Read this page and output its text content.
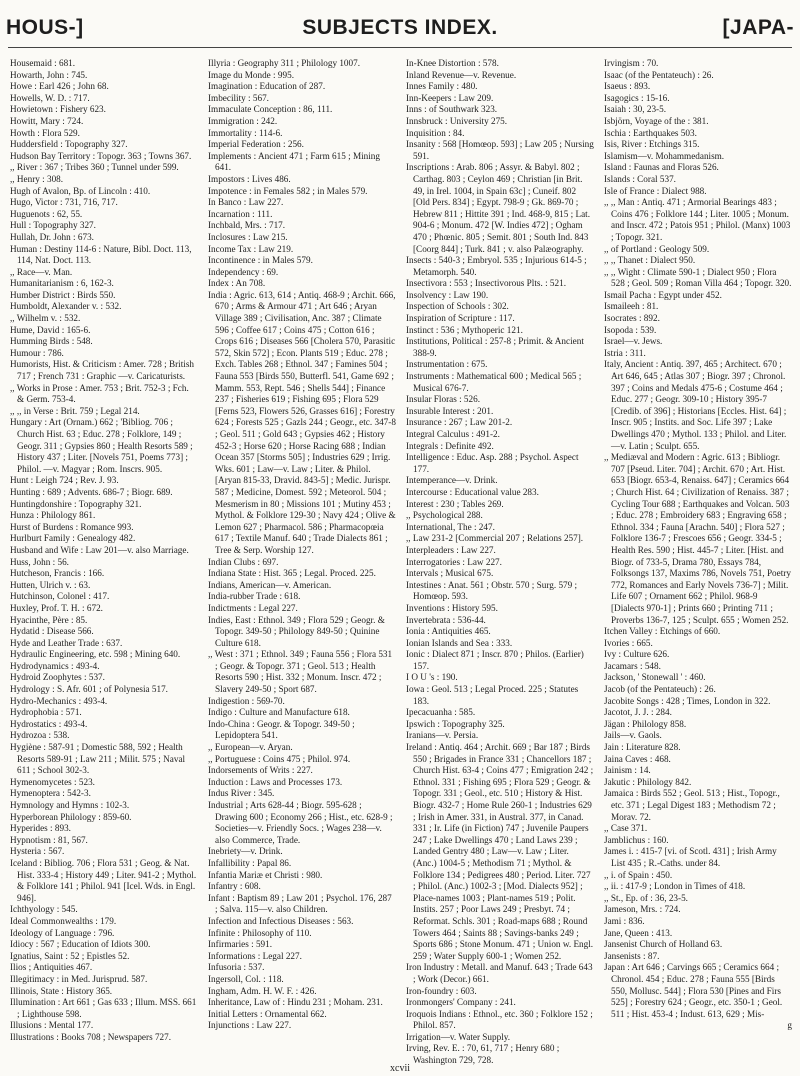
HOUS-]	SUBJECTS INDEX.	[JAPA-

Housemaid : 681.

Howarth, John : 745.

Howe : Earl 426 ; John 68.

Howells, W. D. : 717.

Howietown : Fishery 623.

Howitt, Mary : 724.

Howth : Flora 529.

Huddersfield : Topography 327.

Hudson Bay Territory : Topogr. 363 ; Towns 367.

,, River : 367 ; Tribes 360 ; Tunnel under 599.

,, Henry : 308.

Hugh of Avalon, Bp. of Lincoln : 410.

Hugo, Victor : 731, 716, 717.

Huguenots : 62, 55.

Hull : Topography 327.

Hullah, Dr. John : 673.

Human : Destiny 114-6 : Nature, Bibl. Doct. 113, 114, Nat. Doct. 113.

,, Race—v. Man.

Humanitarianism : 6, 162-3.

Humber District : Birds 550.

Humboldt, Alexander v. : 532.

,, Wilhelm v. : 532.

Hume, David : 165-6.

Humming Birds : 548.

Humour : 786.

Humorists, Hist. & Criticism : Amer. 728 ; British 717 ; French 731 : Graphic —v. Caricaturists.

,, Works in Prose : Amer. 753 ; Brit. 752-3 ; Fch. & Germ. 753-4.

,, ,, in Verse : Brit. 759 ; Legal 214.

Hungary : Art (Ornam.) 662 ; 'Bibliog. 706 ; Church Hist. 63 ; Educ. 278 ; Folklore, 149 ; Geogr. 311 ; Gypsies 860 ; Health Resorts 589 ; History 437 ; Liter. [Novels 751, Poems 773] ; Philol. —v. Magyar ; Rom. Inscrs. 905.

Hunt : Leigh 724 ; Rev. J. 93.

Hunting : 689 ; Advents. 686-7 ; Biogr. 689.

Huntingdonshire : Topography 321.

Hunza : Philology 861.

Hurst of Burdens : Romance 993.

Hurlburt Family : Genealogy 482.

Husband and Wife : Law 201—v. also Marriage.

Huss, John : 56.

Hutcheson, Francis : 166.

Hutten, Ulrich v. : 63.

Hutchinson, Colonel : 417.

Huxley, Prof. T. H. : 672.

Hyacinthe, Père : 85.

Hydatid : Disease 566.

Hyde and Leather Trade : 637.

Hydraulic Engineering, etc. 598 ; Mining 640.

Hydrodynamics : 493-4.

Hydroid Zoophytes : 537.

Hydrology : S. Afr. 601 ; of Polynesia 517.

Hydro-Mechanics : 493-4.

Hydrophobia : 571.

Hydrostatics : 493-4.

Hydrozoa : 538.

Hygiène : 587-91 ; Domestic 588, 592 ; Health Resorts 589-91 ; Law 211 ; Milit. 575 ; Naval 611 ; School 302-3.

Hymenomycetes : 523.

Hymenoptera : 542-3.

Hymnology and Hymns : 102-3.

Hyperborean Philology : 859-60.

Hyperides : 893.

Hypnotism : 81, 567.

Hysteria : 567.

Iceland : Bibliog. 706 ; Flora 531 ; Geog. & Nat. Hist. 333-4 ; History 449 ; Liter. 941-2 ; Mythol. & Folklore 141 ; Philol. 941 [Icel. Wds. in Engl. 946].

Ichthyology : 545.

Ideal Commonwealths : 179.

Ideology of Language : 796.

Idiocy : 567 ; Education of Idiots 300.

Ignatius, Saint : 52 ; Epistles 52.

Ilios ; Antiquities 467.

Illegitimacy : in Med. Jurisprud. 587.

Illinois, State : History 365.

Illumination : Art 661 ; Gas 633 ; Illum. MSS. 661 ; Lighthouse 598.

Illusions : Mental 177.

Illustrations : Books 708 ; Newspapers 727.

Illyria : Geography 311 ; Philology 1007.

Image du Monde : 995.

Imagination : Education of 287.

Imbecility : 567.

Immaculate Conception : 86, 111.

Immigration : 242.

Immortality : 114-6.

Imperial Federation : 256.

Implements : Ancient 471 ; Farm 615 ; Mining 641.

Impostors : Lives 486.

Impotence : in Females 582 ; in Males 579.

In Banco : Law 227.

Incarnation : 111.

Inchbald, Mrs. : 717.

Inclosures : Law 215.

Income Tax : Law 219.

Incontinence : in Males 579.

Independency : 69.

Index : An 708.

India : Agric. 613, 614 ; Antiq. 468-9 ; Archit. 666, 670 ; Arms & Armour 471 ; Art 646 ; Aryan Village 389 ; Civilisation, Anc. 387 ; Climate 596 ; Coffee 617 ; Coins 475 ; Cotton 616 ; Crops 616 ; Diseases 566 [Cholera 570, Parasitic 572, Skin 572] ; Econ. Plants 519 ; Educ. 278 ; Exch. Tables 268 ; Ethnol. 347 ; Famines 504 ; Fauna 553 [Birds 550, Butterfl. 541, Game 692 ; Mamm. 553, Rept. 546 ; Shells 544] ; Finance 237 ; Fisheries 619 ; Fishing 695 ; Flora 529 [Ferns 523, Flowers 526, Grasses 616] ; Forestry 624 ; Forests 525 ; Gazls 244 ; Geogr., etc. 347-8 ; Geol. 511 ; Gold 643 ; Gypsies 462 ; History 452-3 ; Horse 620 ; Horse Racing 688 ; Indian Ocean 357 [Storms 505] ; Industries 629 ; Irrig. Wks. 601 ; Law—v. Law ; Liter. & Philol. [Aryan 815-33, Dravid. 843-5] ; Medic. Jurispr. 587 ; Medicine, Domest. 592 ; Meteorol. 504 ; Mesmerism in 80 ; Missions 101 ; Mutiny 453 ; Mythol. & Folklore 129-30 ; Navy 424 ; Olive & Lemon 627 ; Pharmacol. 586 ; Pharmacopœia 617 ; Textile Manuf. 640 ; Trade Dialects 861 ; Tree & Serp. Worship 127.

Indian Clubs : 697.

Indiana State : Hist. 365 ; Legal. Proced. 225.

Indians, American—v. American.

India-rubber Trade : 618.

Indictments : Legal 227.

Indies, East : Ethnol. 349 ; Flora 529 ; Geogr. & Topogr. 349-50 ; Philology 849-50 ; Quinine Culture 618.

,, West : 371 ; Ethnol. 349 ; Fauna 556 ; Flora 531 ; Geogr. & Topogr. 371 ; Geol. 513 ; Health Resorts 590 ; Hist. 332 ; Monum. Inscr. 472 ; Slavery 249-50 ; Sport 687.

Indigestion : 569-70.

Indigo : Culture and Manufacture 618.

Indo-China : Geogr. & Topogr. 349-50 ; Lepidoptera 541.

,, European—v. Aryan.

,, Portuguese : Coins 475 ; Philol. 974.

Indorsements of Writs : 227.

Induction : Laws and Processes 173.

Indus River : 345.

Industrial ; Arts 628-44 ; Biogr. 595-628 ; Drawing 600 ; Economy 266 ; Hist., etc. 628-9 ; Societies—v. Friendly Socs. ; Wages 238—v. also Commerce, Trade.

Inebriety—v. Drink.

Infallibility : Papal 86.

Infantia Mariæ et Christi : 980.

Infantry : 608.

Infant : Baptism 89 ; Law 201 ; Psychol. 176, 287 ; Salva. 115—v. also Children.

Infection and Infectious Diseases : 563.

Infinite : Philosophy of 110.

Infirmaries : 591.

Informations : Legal 227.

Infusoria : 537.

Ingersoll, Col. : 118.

Ingham, Adm. H. W. F. : 426.

Inheritance, Law of : Hindu 231 ; Moham. 231.

Initial Letters : Ornamental 662.

Injunctions : Law 227.

In-Knee Distortion : 578.

Inland Revenue—v. Revenue.

Innes Family : 480.

Inn-Keepers : Law 209.

Inns : of Southwark 323.

Innsbruck : University 275.

Inquisition : 84.

Insanity : 568 [Homœop. 593] ; Law 205 ; Nursing 591.

Inscriptions : Arab. 806 ; Assyr. & Babyl. 802 ; Carthag. 803 ; Ceylon 469 ; Christian [in Brit. 49, in Irel. 1004, in Spain 63c] ; Cuneif. 802 [Old Pers. 834] ; Egypt. 798-9 ; Gk. 869-70 ; Hebrew 811 ; Hittite 391 ; Ind. 468-9, 815 ; Lat. 904-6 ; Monum. 472 [W. Indies 472] ; Ogham 470 ; Phœnic. 805 ; Semit. 801 ; South Ind. 843 [Coorg 844] ; Turk. 841 ; v. also Palæography.

Insects : 540-3 ; Embryol. 535 ; Injurious 614-5 ; Metamorph. 540.

Insectivora : 553 ; Insectivorous Plts. : 521.

Insolvency : Law 190.

Inspection of Schools : 302.

Inspiration of Scripture : 117.

Instinct : 536 ; Mythoperic 121.

Institutions, Political : 257-8 ; Primit. & Ancient 388-9.

Instrumentation : 675.

Instruments : Mathematical 600 ; Medical 565 ; Musical 676-7.

Insular Floras : 526.

Insurable Interest : 201.

Insurance : 267 ; Law 201-2.

Integral Calculus : 491-2.

Integrals : Definite 492.

Intelligence : Educ. Asp. 288 ; Psychol. Aspect 177.

Intemperance—v. Drink.

Intercourse : Educational value 283.

Interest : 230 ; Tables 269.

,, Psychological 288.

International, The : 247.

,, Law 231-2 [Commercial 207 ; Relations 257].

Interpleaders : Law 227.

Interrogatories : Law 227.

Intervals ; Musical 675.

Intestines : Anat. 561 ; Obstr. 570 ; Surg. 579 ; Homœop. 593.

Inventions : History 595.

Invertebrata : 536-44.

Ionia : Antiquities 465.

Ionian Islands and Sea : 333.

Ionic : Dialect 871 ; Inscr. 870 ; Philos. (Earlier) 157.

I O U 's : 190.

Iowa : Geol. 513 ; Legal Proced. 225 ; Statutes 183.

Ipecacuanha : 585.

Ipswich : Topography 325.

Iranians—v. Persia.

Ireland : Antiq. 464 ; Archit. 669 ; Bar 187 ; Birds 550 ; Brigades in France 331 ; Chancellors 187 ; Church Hist. 63-4 ; Coins 477 ; Emigration 242 ; Ethnol. 331 ; Fishing 695 ; Flora 529 ; Geogr. & Topogr. 331 ; Geol., etc. 510 ; History & Hist. Biogr. 432-7 ; Home Rule 260-1 ; Industries 629 ; Irish in Amer. 331, in Austral. 377, in Canad. 331 ; Ir. Life (in Fiction) 747 ; Juvenile Paupers 247 ; Lake Dwellings 470 ; Land Laws 239 ; Landed Gentry 480 ; Law—v. Law ; Liter. (Anc.) 1004-5 ; Methodism 71 ; Mythol. & Folklore 134 ; Pedigrees 480 ; Period. Liter. 727 ; Philol. (Anc.) 1002-3 ; [Mod. Dialects 952] ; Place-names 1003 ; Plant-names 519 ; Polit. Instits. 257 ; Poor Laws 249 ; Presbyt. 74 ; Reformat. Schls. 301 ; Road-maps 688 ; Round Towers 464 ; Saints 88 ; Savings-banks 249 ; Sports 686 ; Stone Monum. 471 ; Union w. Engl. 259 ; Water Supply 600-1 ; Women 252.

Iron Industry : Metall. and Manuf. 643 ; Trade 643 ; Work (Decor.) 661.

Iron-foundry : 603.

Ironmongers' Company : 241.

Iroquois Indians : Ethnol., etc. 360 ; Folklore 152 ; Philol. 857.

Irrigation—v. Water Supply.

Irving, Rev. E. : 70, 61, 717 ; Henry 680 ; Washington 729, 728.

Irvingism : 70.

Isaac (of the Pentateuch) : 26.

Isaeus : 893.

Isagogics : 15-16.

Isaiah : 30, 23-5.

Isbjörn, Voyage of the : 381.

Ischia : Earthquakes 503.

Isis, River : Etchings 315.

Islamism—v. Mohammedanism.

Island : Faunas and Floras 526.

Islands : Coral 537.

Isle of France : Dialect 988.

,, ,, Man : Antiq. 471 ; Armorial Bearings 483 ; Coins 476 ; Folklore 144 ; Liter. 1005 ; Monum. and Inscr. 472 ; Patois 951 ; Philol. (Manx) 1003 ; Topogr. 321.

,, of Portland : Geology 509.

,, ,, Thanet : Dialect 950.

,, ,, Wight : Climate 590-1 ; Dialect 950 ; Flora 528 ; Geol. 509 ; Roman Villa 464 ; Topogr. 320.

Ismail Pacha : Egypt under 452.

Ismaileeh : 81.

Isocrates : 892.

Isopoda : 539.

Israel—v. Jews.

Istria : 311.

Italy, Ancient : Antiq. 397, 465 ; Architect. 670 ; Art 646, 645 ; Atlas 307 ; Biogr. 397 ; Chronol. 397 ; Coins and Medals 475-6 ; Costume 464 ; Educ. 277 ; Geogr. 309-10 ; History 395-7 [Credib. of 396] ; Historians [Eccles. Hist. 64] ; Inscr. 905 ; Instits. and Soc. Life 397 ; Lake Dwellings 470 ; Mythol. 133 ; Philol. and Liter.—v. Latin ; Sculpt. 655.

,, Mediæval and Modern : Agric. 613 ; Bibliogr. 707 [Pseud. Liter. 704] ; Archit. 670 ; Art. Hist. 653 [Biogr. 653-4, Renaiss. 647] ; Ceramics 664 ; Church Hist. 64 ; Civilization of Renaiss. 387 ; Cycling Tour 688 ; Earthquakes and Volcan. 503 ; Educ. 278 ; Embroidery 683 ; Engraving 658 ; Ethnol. 334 ; Fauna [Arachn. 540] ; Flora 527 ; Folklore 136-7 ; Frescoes 656 ; Geogr. 334-5 ; Health Res. 590 ; Hist. 445-7 ; Liter. [Hist. and Biogr. of 733-5, Drama 780, Essays 784, Folksongs 137, Maxims 786, Novels 751, Poetry 772, Romances and Early Novels 736-7] ; Milit. Life 607 ; Ornament 662 ; Philol. 968-9 [Dialects 970-1] ; Prints 660 ; Printing 711 ; Proverbs 136-7, 125 ; Sculpt. 655 ; Women 252.

Itchen Valley : Etchings of 660.

Ivories : 665.

Ivy : Culture 626.

Jacamars : 548.

Jackson, ' Stonewall ' : 460.

Jacob (of the Pentateuch) : 26.

Jacobite Songs : 428 ; Times, London in 322.

Jacotot, J. J. : 284.

Jägan : Philology 858.

Jails—v. Gaols.

Jain : Literature 828.

Jaina Caves : 468.

Jainism : 14.

Jakutic : Philology 842.

Jamaica : Birds 552 ; Geol. 513 ; Hist., Topogr., etc. 371 ; Legal Digest 183 ; Methodism 72 ; Morav. 72.

,, Case 371.

Jamblichus : 160.

James i. : 415-7 [vi. of Scotl. 431] ; Irish Army List 435 ; R.-Caths. under 84.

,, i. of Spain : 450.

,, ii. : 417-9 ; London in Times of 418.

,, St., Ep. of : 36, 23-5.

Jameson, Mrs. : 724.

Jami : 836.

Jane, Queen : 413.

Jansenist Church of Holland 63.

Jansenists : 87.

Japan : Art 646 ; Carvings 665 ; Ceramics 664 ; Chronol. 454 ; Educ. 278 ; Fauna 555 [Birds 550, Mollusc. 544] ; Flora 530 [Pines and Firs 525] ; Forestry 624 ; Geogr., etc. 350-1 ; Geol. 511 ; Hist. 453-4 ; Indust. 613, 629 ; Mis-

g
xcvii
